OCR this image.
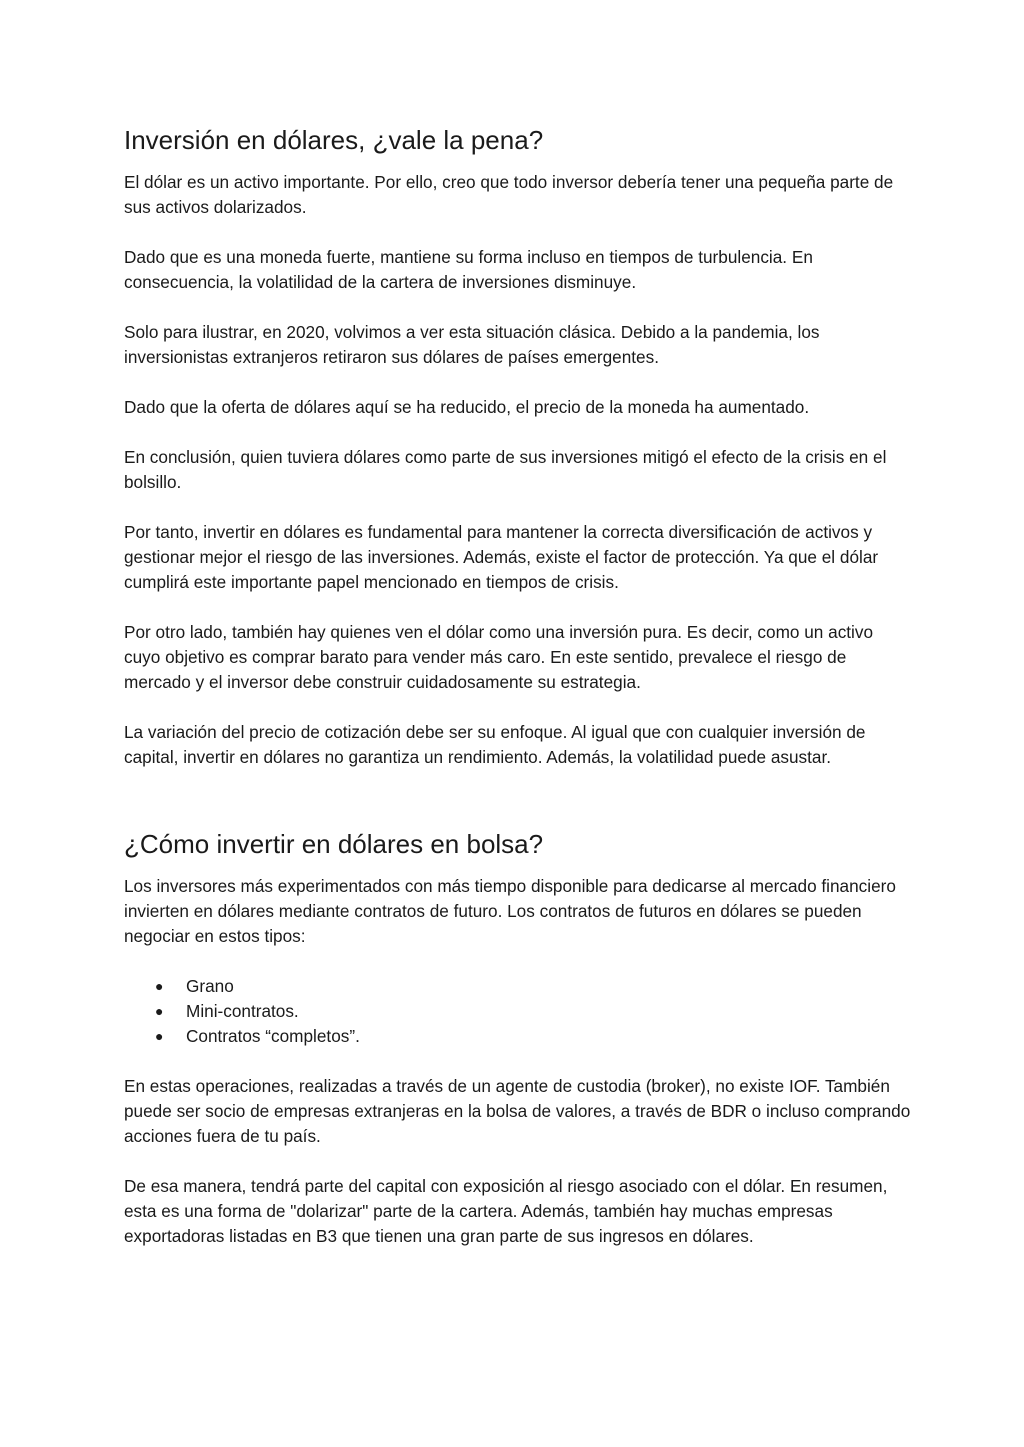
Inversión en dólares, ¿vale la pena?

El dólar es un activo importante. Por ello, creo que todo inversor debería tener una pequeña parte de sus activos dolarizados.

Dado que es una moneda fuerte, mantiene su forma incluso en tiempos de turbulencia. En consecuencia, la volatilidad de la cartera de inversiones disminuye.

Solo para ilustrar, en 2020, volvimos a ver esta situación clásica. Debido a la pandemia, los inversionistas extranjeros retiraron sus dólares de países emergentes.

Dado que la oferta de dólares aquí se ha reducido, el precio de la moneda ha aumentado.

En conclusión, quien tuviera dólares como parte de sus inversiones mitigó el efecto de la crisis en el bolsillo.

Por tanto, invertir en dólares es fundamental para mantener la correcta diversificación de activos y gestionar mejor el riesgo de las inversiones. Además, existe el factor de protección. Ya que el dólar cumplirá este importante papel mencionado en tiempos de crisis.

Por otro lado, también hay quienes ven el dólar como una inversión pura. Es decir, como un activo cuyo objetivo es comprar barato para vender más caro. En este sentido, prevalece el riesgo de mercado y el inversor debe construir cuidadosamente su estrategia.

La variación del precio de cotización debe ser su enfoque. Al igual que con cualquier inversión de capital, invertir en dólares no garantiza un rendimiento. Además, la volatilidad puede asustar.

¿Cómo invertir en dólares en bolsa?

Los inversores más experimentados con más tiempo disponible para dedicarse al mercado financiero invierten en dólares mediante contratos de futuro. Los contratos de futuros en dólares se pueden negociar en estos tipos:

● Grano
● Mini-contratos.
● Contratos “completos”.

En estas operaciones, realizadas a través de un agente de custodia (broker), no existe IOF. También puede ser socio de empresas extranjeras en la bolsa de valores, a través de BDR o incluso comprando acciones fuera de tu país.

De esa manera, tendrá parte del capital con exposición al riesgo asociado con el dólar. En resumen, esta es una forma de "dolarizar" parte de la cartera. Además, también hay muchas empresas exportadoras listadas en B3 que tienen una gran parte de sus ingresos en dólares.
